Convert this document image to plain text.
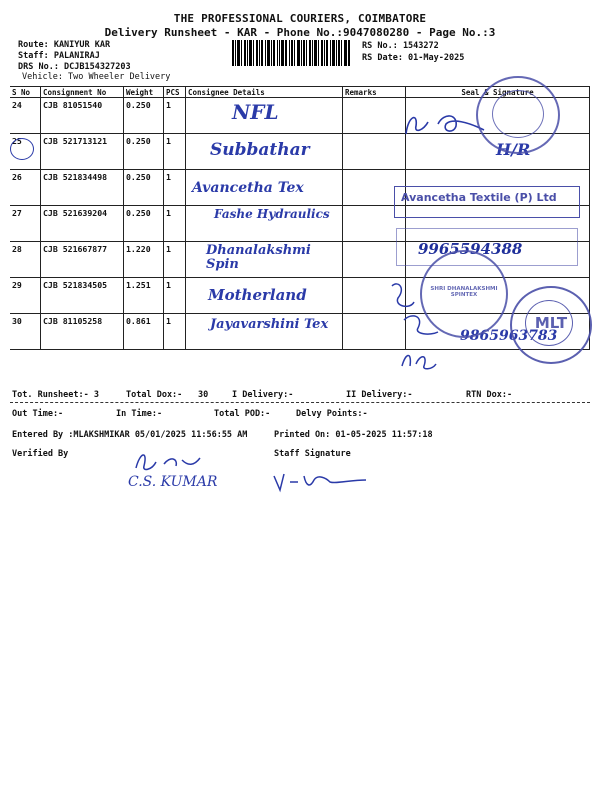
THE PROFESSIONAL COURIERS, COIMBATORE
Delivery Runsheet - KAR - Phone No.:9047080280 - Page No.:3
Route: KANIYUR KAR
Staff: PALANIRAJ
DRS No.: DCJB154327203
Vehicle: Two Wheeler Delivery
RS No.: 1543272
RS Date: 01-May-2025
S No	Consignment No	Weight	PCS	Consignee Details	Remarks	Seal & Signature
24	CJB 81051540	0.250	1	NFL		

25	CJB 521713121	0.250	1	Subbathar		H/R

26	CJB 521834498	0.250	1	Avancetha Tex		

27	CJB 521639204	0.250	1	Fashe Hydraulics		

28	CJB 521667877	1.220	1	Dhanalakshmi Spin		

29	CJB 521834505	1.251	1	Motherland		

30	CJB 81105258	0.861	1	Jayavarshini Tex		9865963783
Avancetha Textile (P) Ltd
9965594388
SHRI DHANALAKSHMI SPINTEX
MLT
Tot. Runsheet:- 3	Total Dox:- 30	I Delivery:-	II Delivery:-	RTN Dox:-
Out Time:-	In Time:-	Total POD:-	Delvy Points:-
Entered By :MLAKSHMIKAR 05/01/2025 11:56:55 AM	Printed On: 01-05-2025 11:57:18
Verified By	Staff Signature
C.S. KUMAR
